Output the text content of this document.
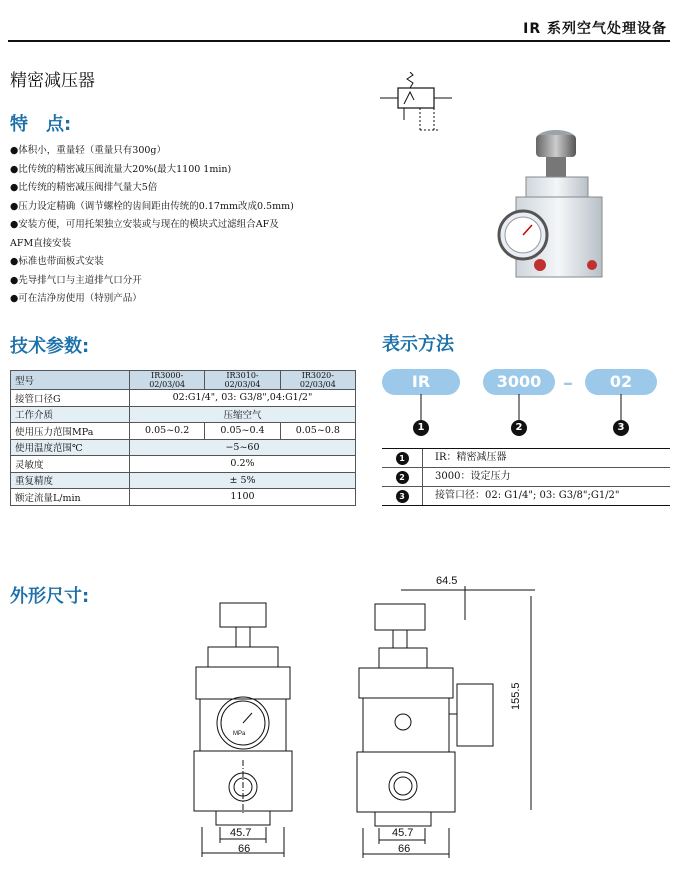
IR 系列空气处理设备
精密减压器
特　点:
●体积小，重量轻（重量只有300g）
●比传统的精密减压阀流量大20%(最大1100 1min)
●比传统的精密减压阀排气量大5倍
●压力设定精确（调节螺栓的齿间距由传统的0.17mm改成0.5mm)
●安装方便，可用托架独立安装或与现在的模块式过滤组合AF及
AFM直接安装
●标准也带面板式安装
●先导排气口与主道排气口分开
●可在洁净房使用（特别产品）
技术参数:
型号	IR3000-02/03/04	IR3010-02/03/04	IR3020-02/03/04
接管口径G	02:G1/4", 03: G3/8",04:G1/2"		
工作介质	压缩空气		
使用压力范围MPa	0.05~0.2	0.05~0.4	0.05~0.8
使用温度范围℃	−5~60		
灵敏度	0.2%		
重复精度	± 5%		
额定流量L/min	1100		
表示方法
IR	3000	–	02
1	2	3
1	IR：精密减压器
2	3000：设定压力
3	接管口径：02: G1/4"; 03: G3/8";G1/2"
外形尺寸:
45.7
66
MPa
64.5
155.5
45.7
66
